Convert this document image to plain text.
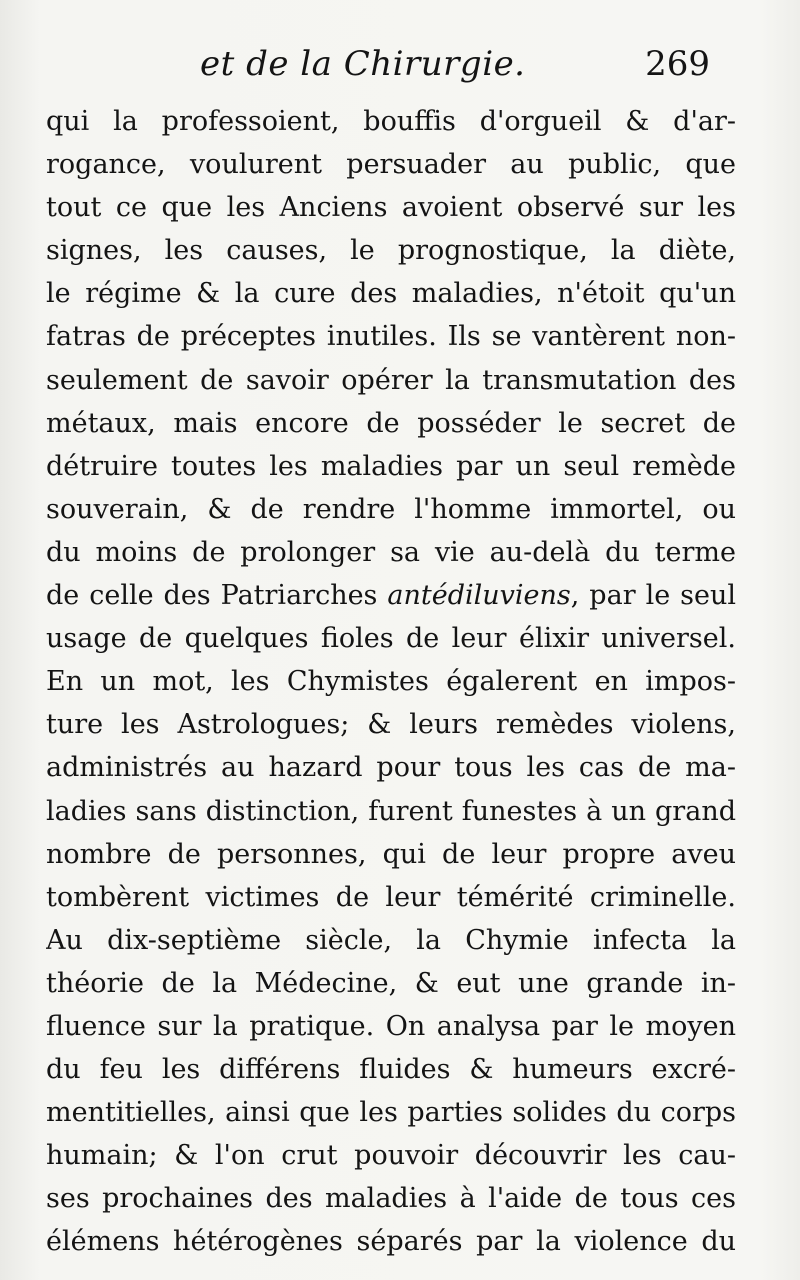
et de la Chirurgie.	269
qui la professoient, bouffis d'orgueil & d'ar-
rogance, voulurent persuader au public, que
tout ce que les Anciens avoient observé sur les
signes, les causes, le prognostique, la diète,
le régime & la cure des maladies, n'étoit qu'un
fatras de préceptes inutiles. Ils se vantèrent non-
seulement de savoir opérer la transmutation des
métaux, mais encore de posséder le secret de
détruire toutes les maladies par un seul remède
souverain, & de rendre l'homme immortel, ou
du moins de prolonger sa vie au-delà du terme
de celle des Patriarches antédiluviens, par le seul
usage de quelques fioles de leur élixir universel.
En un mot, les Chymistes égalerent en impos-
ture les Astrologues; & leurs remèdes violens,
administrés au hazard pour tous les cas de ma-
ladies sans distinction, furent funestes à un grand
nombre de personnes, qui de leur propre aveu
tombèrent victimes de leur témérité criminelle.
Au dix-septième siècle, la Chymie infecta la
théorie de la Médecine, & eut une grande in-
fluence sur la pratique. On analysa par le moyen
du feu les différens fluides & humeurs excré-
mentitielles, ainsi que les parties solides du corps
humain; & l'on crut pouvoir découvrir les cau-
ses prochaines des maladies à l'aide de tous ces
élémens hétérogènes séparés par la violence du
